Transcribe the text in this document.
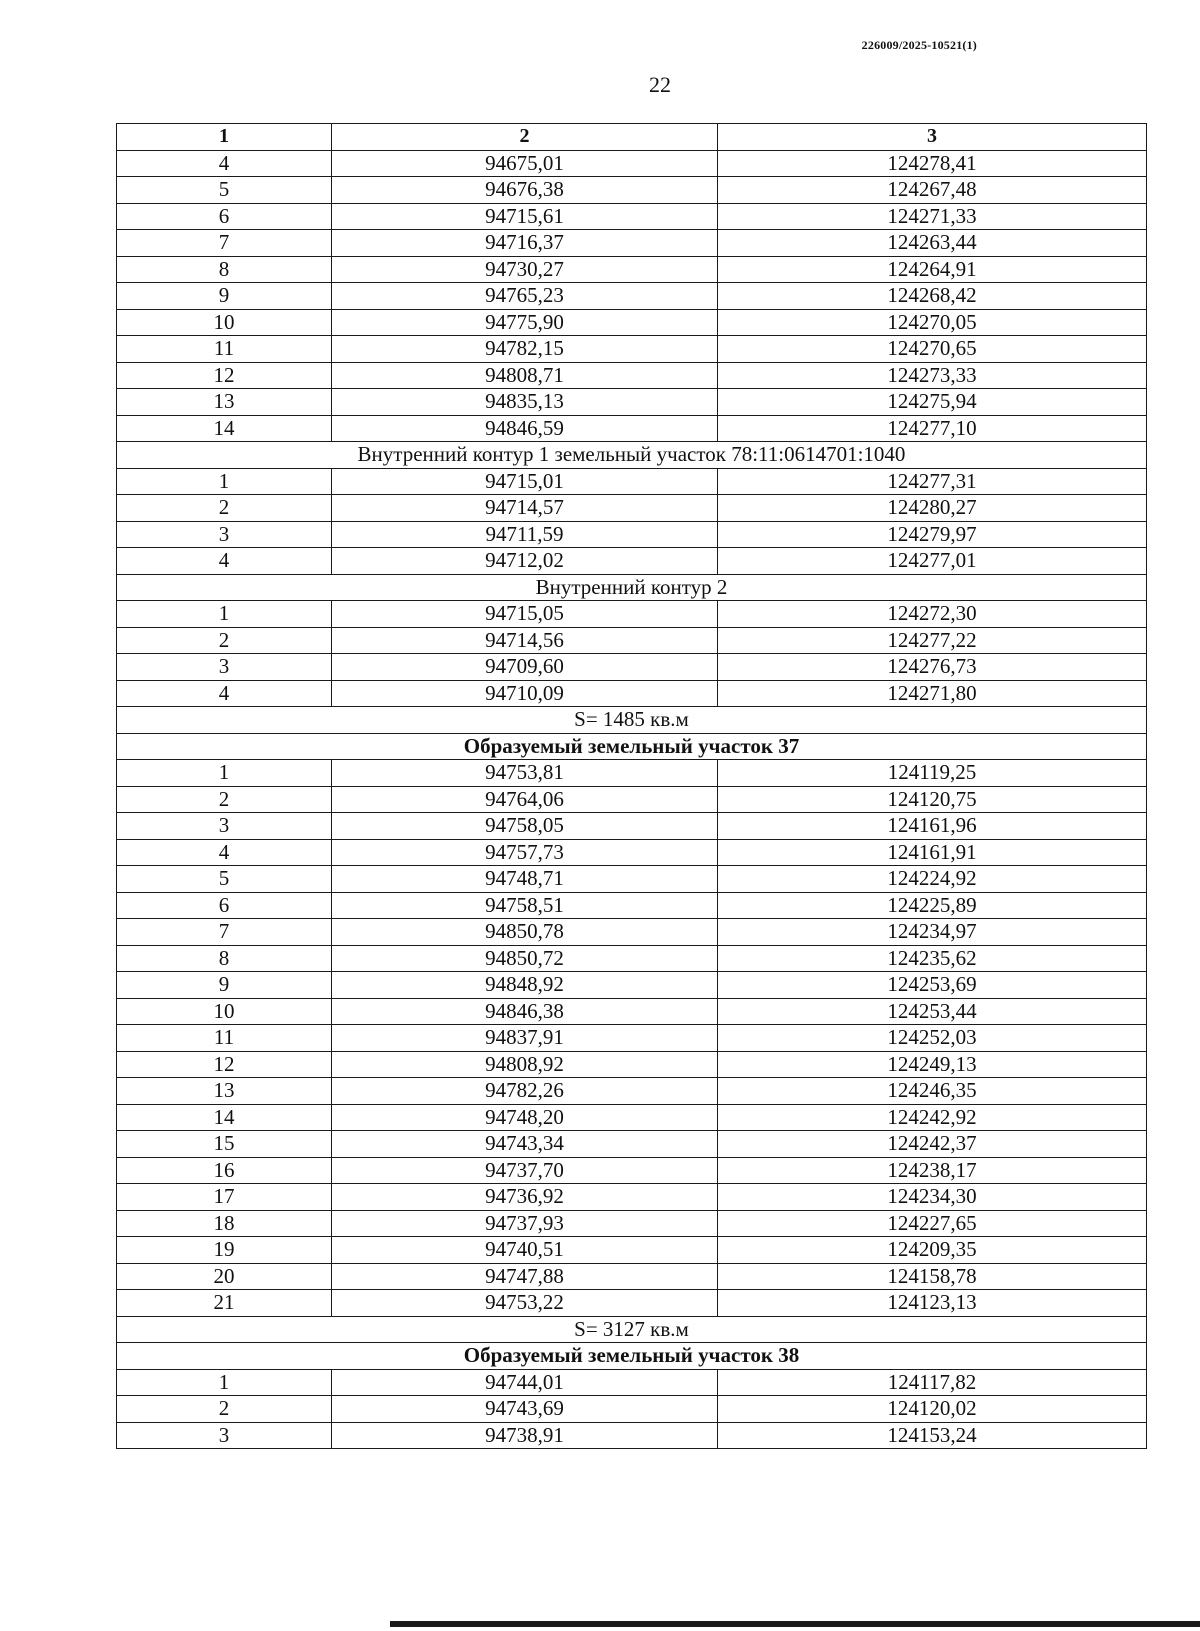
226009/2025-10521(1)
22
1	2	3
4	94675,01	124278,41
5	94676,38	124267,48
6	94715,61	124271,33
7	94716,37	124263,44
8	94730,27	124264,91
9	94765,23	124268,42
10	94775,90	124270,05
11	94782,15	124270,65
12	94808,71	124273,33
13	94835,13	124275,94
14	94846,59	124277,10
Внутренний контур 1 земельный участок 78:11:0614701:1040		
1	94715,01	124277,31
2	94714,57	124280,27
3	94711,59	124279,97
4	94712,02	124277,01
Внутренний контур 2		
1	94715,05	124272,30
2	94714,56	124277,22
3	94709,60	124276,73
4	94710,09	124271,80
S= 1485 кв.м		
Образуемый земельный участок 37		
1	94753,81	124119,25
2	94764,06	124120,75
3	94758,05	124161,96
4	94757,73	124161,91
5	94748,71	124224,92
6	94758,51	124225,89
7	94850,78	124234,97
8	94850,72	124235,62
9	94848,92	124253,69
10	94846,38	124253,44
11	94837,91	124252,03
12	94808,92	124249,13
13	94782,26	124246,35
14	94748,20	124242,92
15	94743,34	124242,37
16	94737,70	124238,17
17	94736,92	124234,30
18	94737,93	124227,65
19	94740,51	124209,35
20	94747,88	124158,78
21	94753,22	124123,13
S= 3127 кв.м		
Образуемый земельный участок 38		
1	94744,01	124117,82
2	94743,69	124120,02
3	94738,91	124153,24
